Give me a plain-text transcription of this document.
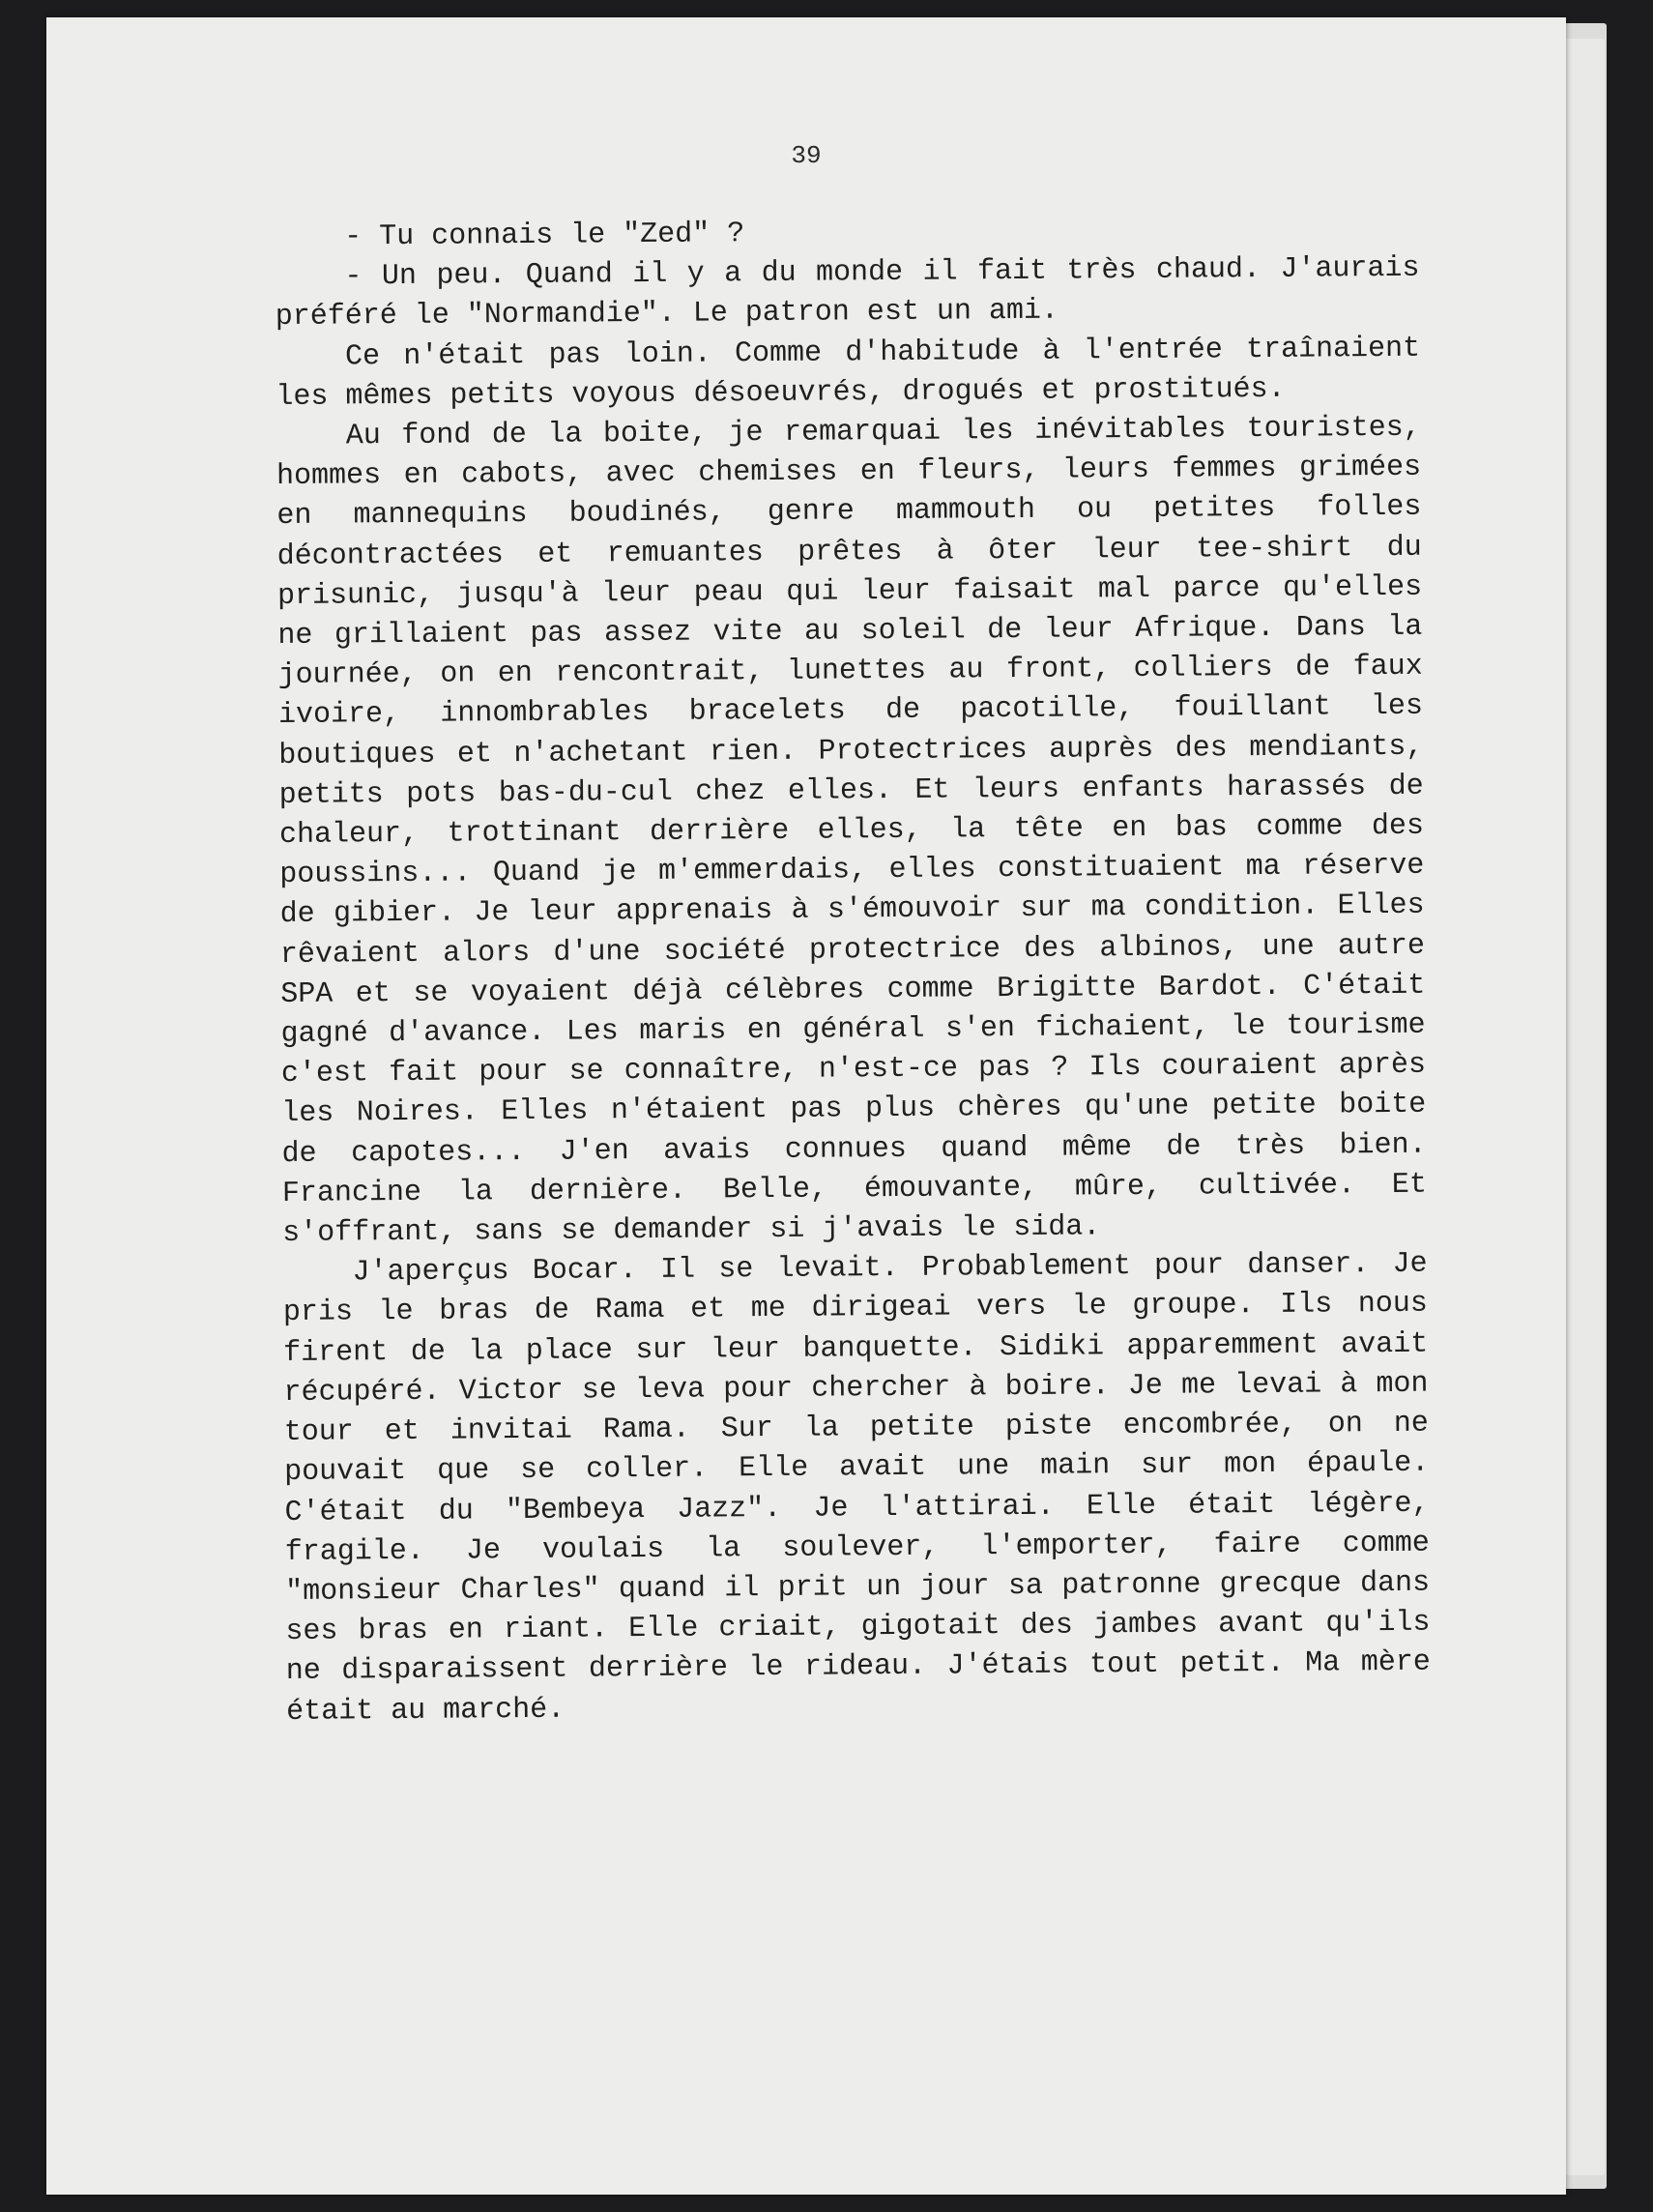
39

- Tu connais le "Zed" ?

- Un peu. Quand il y a du monde il fait très chaud. J'aurais préféré le "Normandie". Le patron est un ami.

Ce n'était pas loin. Comme d'habitude à l'entrée traînaient les mêmes petits voyous désoeuvrés, drogués et prostitués.

Au fond de la boite, je remarquai les inévitables touristes, hommes en cabots, avec chemises en fleurs, leurs femmes grimées en mannequins boudinés, genre mammouth ou petites folles décontractées et remuantes prêtes à ôter leur tee-shirt du prisunic, jusqu'à leur peau qui leur faisait mal parce qu'elles ne grillaient pas assez vite au soleil de leur Afrique. Dans la journée, on en rencontrait, lunettes au front, colliers de faux ivoire, innombrables bracelets de pacotille, fouillant les boutiques et n'achetant rien. Protectrices auprès des mendiants, petits pots bas-du-cul chez elles. Et leurs enfants harassés de chaleur, trottinant derrière elles, la tête en bas comme des poussins... Quand je m'emmerdais, elles constituaient ma réserve de gibier. Je leur apprenais à s'émouvoir sur ma condition. Elles rêvaient alors d'une société protectrice des albinos, une autre SPA et se voyaient déjà célèbres comme Brigitte Bardot. C'était gagné d'avance. Les maris en général s'en fichaient, le tourisme c'est fait pour se connaître, n'est-ce pas ? Ils couraient après les Noires. Elles n'étaient pas plus chères qu'une petite boite de capotes... J'en avais connues quand même de très bien. Francine la dernière. Belle, émouvante, mûre, cultivée. Et s'offrant, sans se demander si j'avais le sida.

J'aperçus Bocar. Il se levait. Probablement pour danser. Je pris le bras de Rama et me dirigeai vers le groupe. Ils nous firent de la place sur leur banquette. Sidiki apparemment avait récupéré. Victor se leva pour chercher à boire. Je me levai à mon tour et invitai Rama. Sur la petite piste encombrée, on ne pouvait que se coller. Elle avait une main sur mon épaule. C'était du "Bembeya Jazz". Je l'attirai. Elle était légère, fragile. Je voulais la soulever, l'emporter, faire comme "monsieur Charles" quand il prit un jour sa patronne grecque dans ses bras en riant. Elle criait, gigotait des jambes avant qu'ils ne disparaissent derrière le rideau. J'étais tout petit. Ma mère était au marché.
